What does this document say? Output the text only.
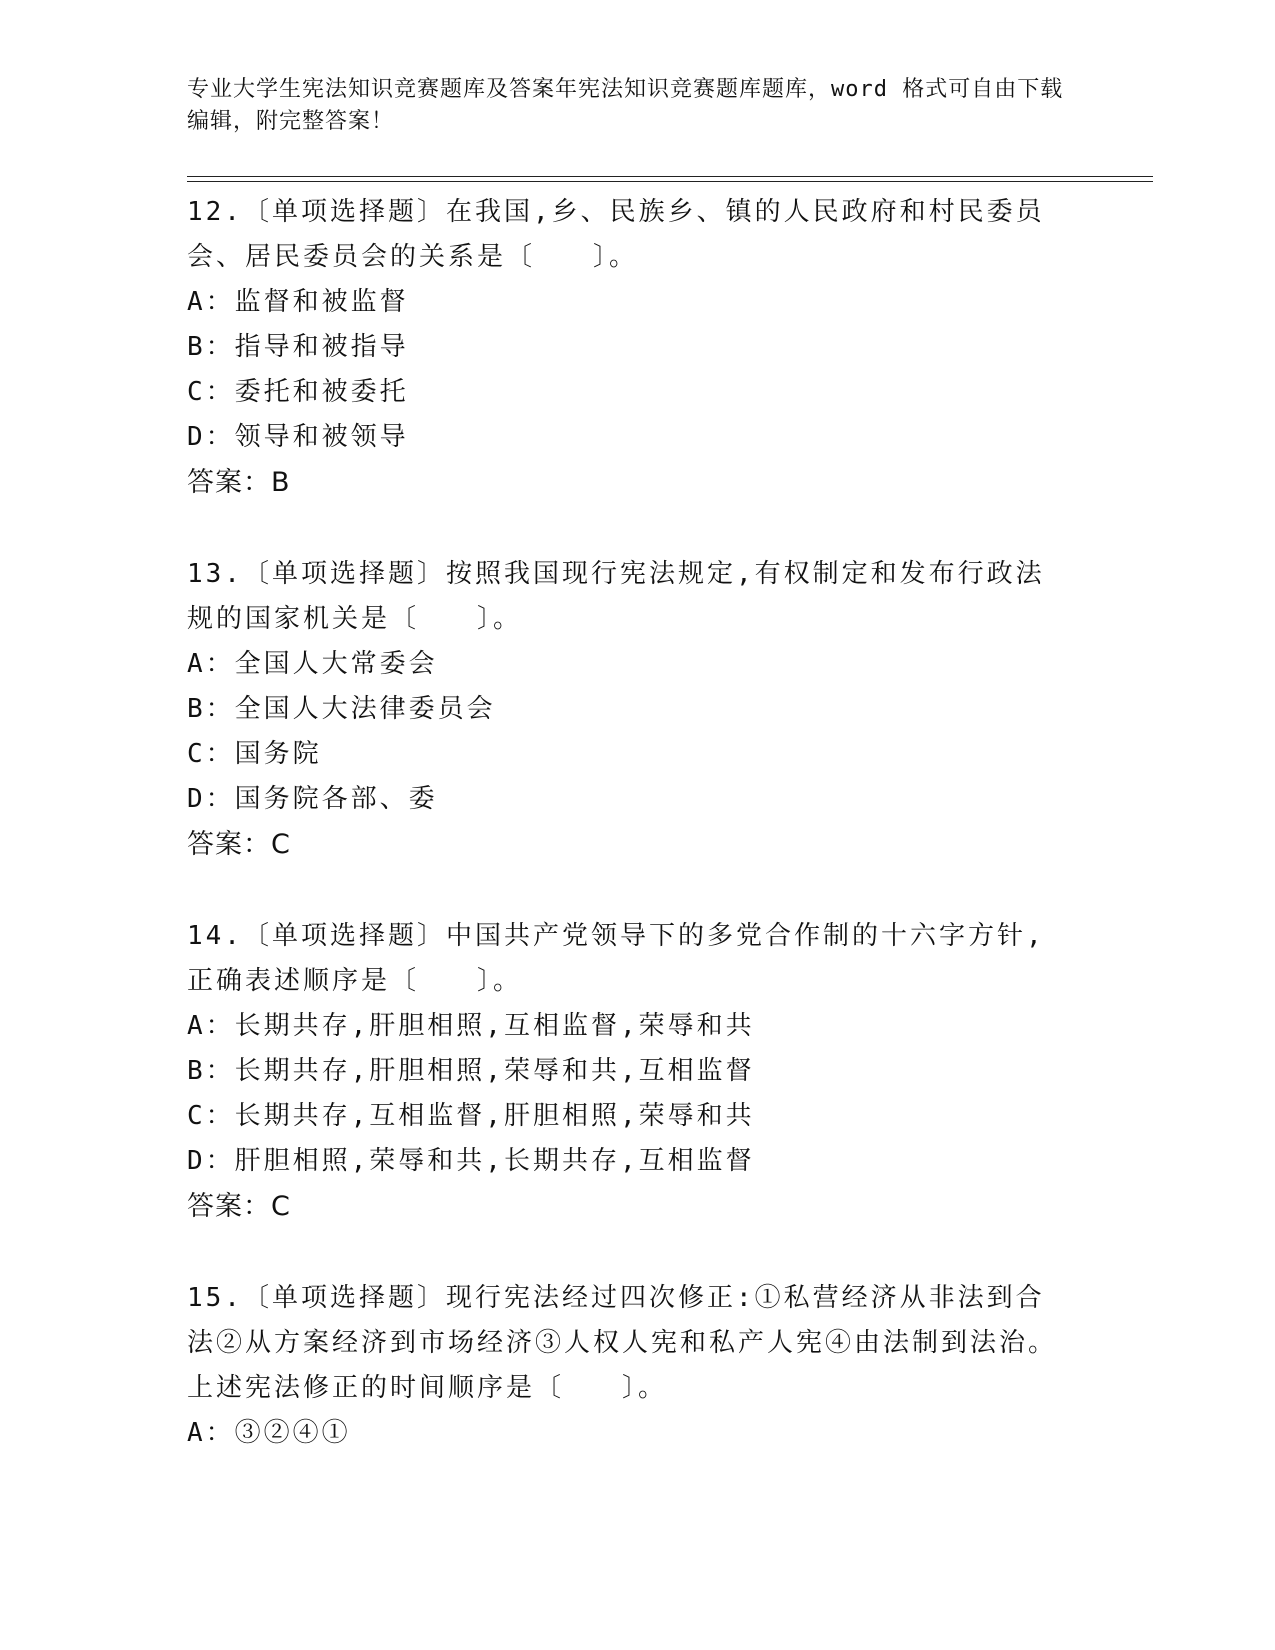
专业大学生宪法知识竞赛题库及答案年宪法知识竞赛题库题库，word 格式可自由下载编辑，附完整答案！

12.〔单项选择题〕在我国,乡、民族乡、镇的人民政府和村民委员会、居民委员会的关系是〔　　〕。

A：监督和被监督

B：指导和被指导

C：委托和被委托

D：领导和被领导

答案：B

13.〔单项选择题〕按照我国现行宪法规定,有权制定和发布行政法规的国家机关是〔　　〕。

A：全国人大常委会

B：全国人大法律委员会

C：国务院

D：国务院各部、委

答案：C

14.〔单项选择题〕中国共产党领导下的多党合作制的十六字方针,正确表述顺序是〔　　〕。

A：长期共存,肝胆相照,互相监督,荣辱和共

B：长期共存,肝胆相照,荣辱和共,互相监督

C：长期共存,互相监督,肝胆相照,荣辱和共

D：肝胆相照,荣辱和共,长期共存,互相监督

答案：C

15.〔单项选择题〕现行宪法经过四次修正:①私营经济从非法到合法②从方案经济到市场经济③人权人宪和私产人宪④由法制到法治。上述宪法修正的时间顺序是〔　　〕。

A：③②④①
